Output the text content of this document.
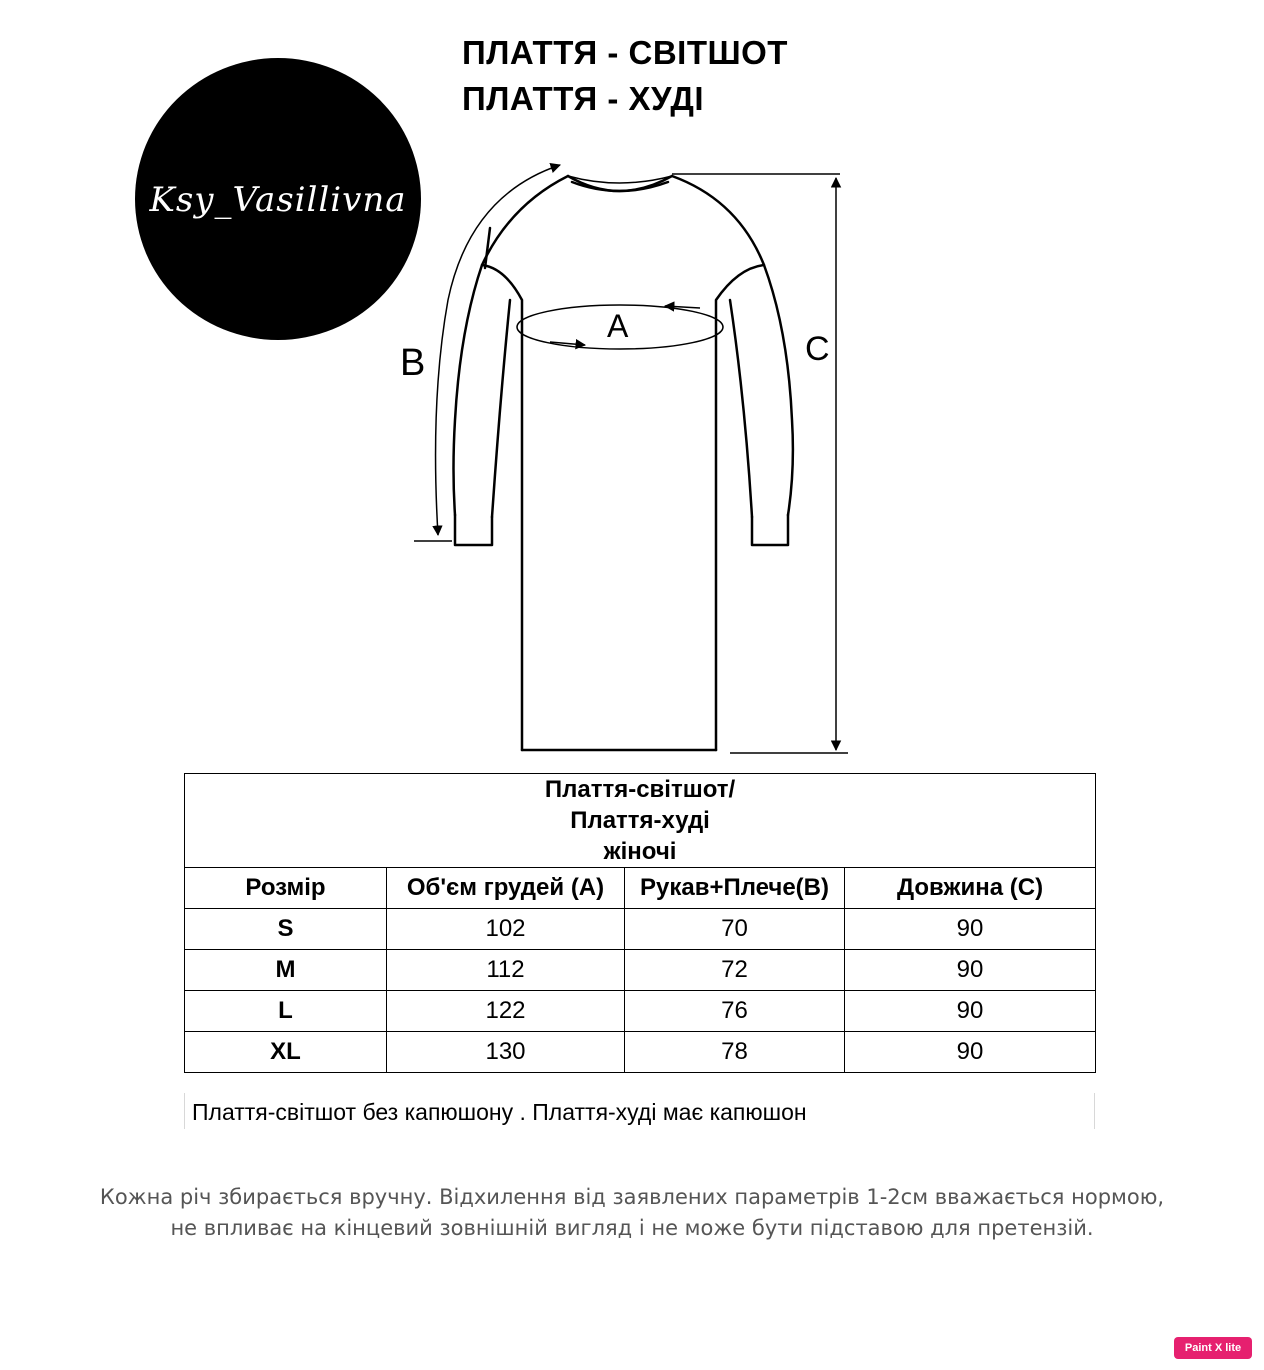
ПЛАТТЯ - СВІТШОТ
ПЛАТТЯ - ХУДІ
Ksy_Vasillivna
A
B	C
Плаття-світшот/
Плаття-худі
жіночі			

Розмір	Об'єм грудей (А)	Рукав+Плече(В)	Довжина (С)
S	102	70	90
M	112	72	90
L	122	76	90
XL	130	78	90
Плаття-світшот без капюшону . Плаття-худі має капюшон
Кожна річ збирається вручну. Відхилення від заявлених параметрів 1-2см вважається нормою,
не впливає на кінцевий зовнішній вигляд і не може бути підставою для претензій.
Paint X lite
